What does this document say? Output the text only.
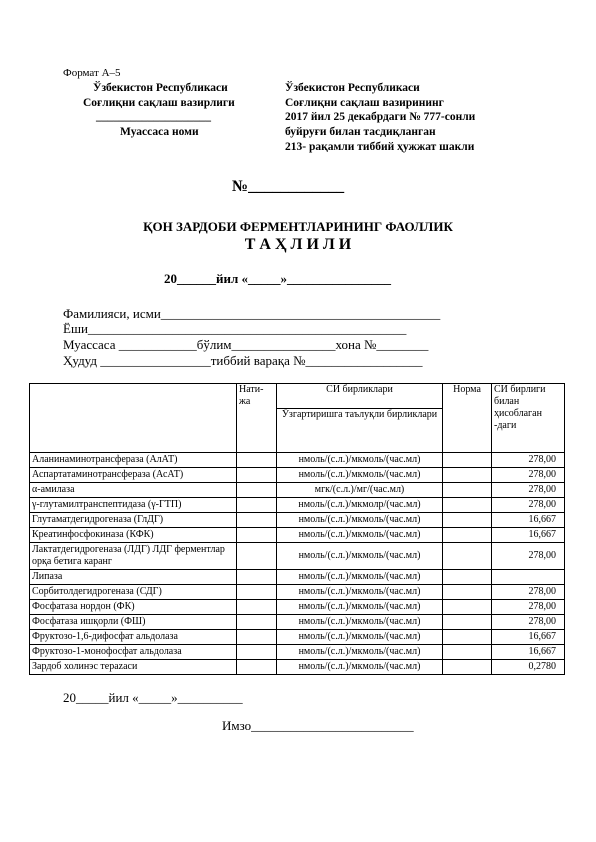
Формат А–5
Ўзбекистон Республикаси
Соғлиқни сақлаш вазирлиги
____________________
Муассаса номи
Ўзбекистон Республикаси
Соғлиқни сақлаш вазирининг
2017 йил 25 декабрдаги № 777-сонли
буйруғи билан тасдиқланган
213- рақамли тиббий ҳужжат шакли
№____________
ҚОН ЗАРДОБИ ФЕРМЕНТЛАРИНИНГ ФАОЛЛИК
Т А Ҳ Л И Л И
20______йил «_____»________________
Фамилияси, исми___________________________________________
Ёши_________________________________________________
Муассаса ____________бўлим________________хона №________
Ҳудуд _________________тиббий варақа №__________________
	Нати-жа	СИ бирликлари	Норма	СИ бирлиги билан ҳисоблаган -даги
		Ўзгартиришга таълуқли бирликлари		
Аланинаминотрансфераза (АлАТ)		нмоль/(с.л.)/мкмоль/(час.мл)		278,00
Аспартатаминотрансфераза (АсАТ)		нмоль/(с.л.)/мкмоль/(час.мл)		278,00
α-амилаза		мгк/(с.л.)/мг/(час.мл)		278,00
γ-глутамилтранспептидаза (γ-ГТП)		нмоль/(с.л.)/мкмолр/(час.мл)		278,00
Глутаматдегидрогеназа (ГлДГ)		нмоль/(с.л.)/мкмоль/(час.мл)		16,667
Креатинфосфокиназа (КФК)		нмоль/(с.л.)/мкмоль/(час.мл)		16,667
Лактатдегидрогеназа (ЛДГ) ЛДГ ферментлар орқа бетига каранг		нмоль/(с.л.)/мкмоль/(час.мл)		278,00
Липаза		нмоль/(с.л.)/мкмоль/(час.мл)		
Сорбитолдегидрогеназа (СДГ)		нмоль/(с.л.)/мкмоль/(час.мл)		278,00
Фосфатаза нордон (ФК)		нмоль/(с.л.)/мкмоль/(час.мл)		278,00
Фосфатаза ишқорли (ФШ)		нмоль/(с.л.)/мкмоль/(час.мл)		278,00
Фруктозо-1,6-дифосфат альдолаза		нмоль/(с.л.)/мкмоль/(час.мл)		16,667
Фруктозо-1-монофосфат альдолаза		нмоль/(с.л.)/мкмоль/(час.мл)		16,667
Зардоб холинэс терazаси		нмоль/(с.л.)/мкмоль/(час.мл)		0,2780
20_____йил «_____»__________
Имзо_________________________
